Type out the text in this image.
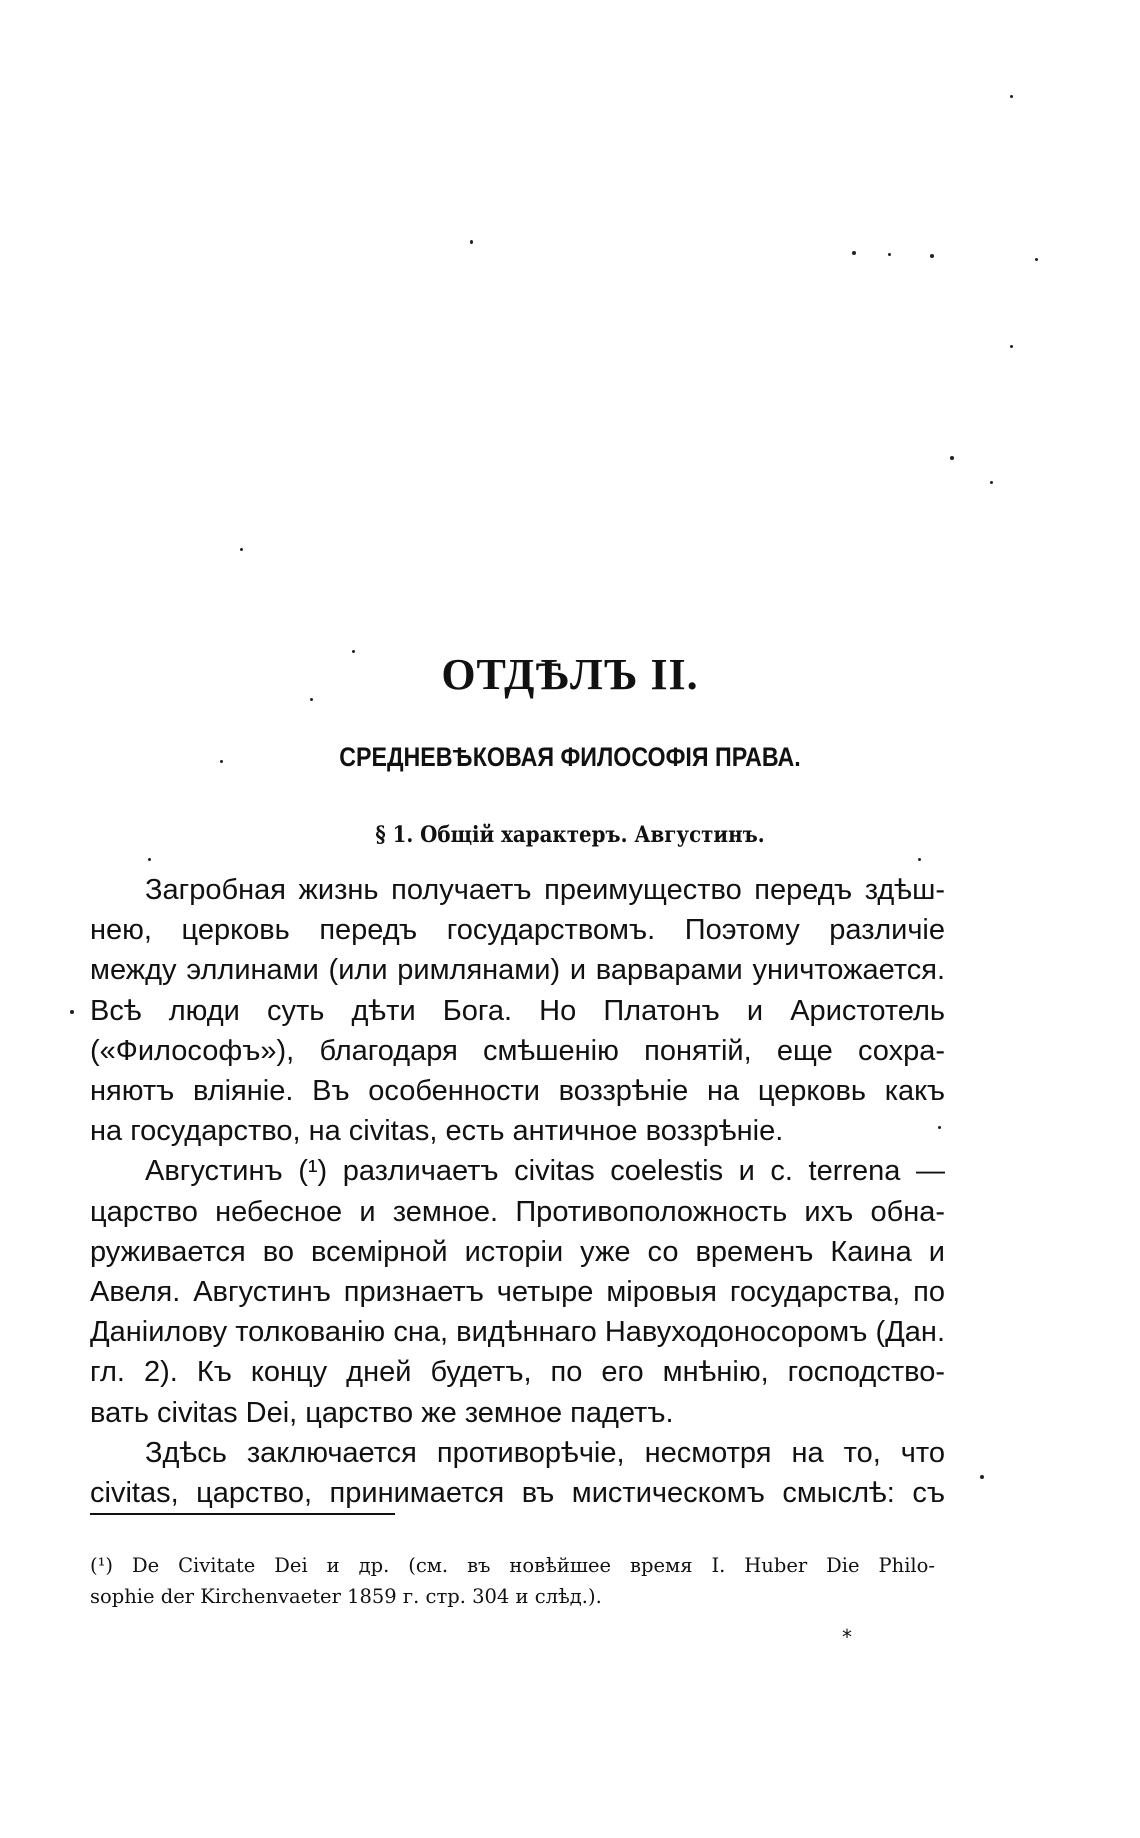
ОТДѢЛЪ II.
СРЕДНЕВѢКОВАЯ ФИЛОСОФІЯ ПРАВА.
§ 1. Общій характеръ. Августинъ.
Загробная жизнь получаетъ преимущество передъ здѣш-
нею, церковь передъ государствомъ. Поэтому различіе
между эллинами (или римлянами) и варварами уничтожается.
Всѣ люди суть дѣти Бога. Но Платонъ и Аристотель
(«Философъ»), благодаря смѣшенію понятій, еще сохра-
няютъ вліяніе. Въ особенности воззрѣніе на церковь какъ
на государство, на civitas, есть античное воззрѣніе.
Августинъ (¹) различаетъ civitas coelestis и с. terrena —
царство небесное и земное. Противоположность ихъ обна-
руживается во всемірной исторіи уже со временъ Каина и
Авеля. Августинъ признаетъ четыре міровыя государства, по
Даніилову толкованію сна, видѣннаго Навуходоносоромъ (Дан.
гл. 2). Къ концу дней будетъ, по его мнѣнію, господство-
вать civitas Dei, царство же земное падетъ.
Здѣсь заключается противорѣчіе, несмотря на то, что
civitas, царство, принимается въ мистическомъ смыслѣ: съ
(¹) De Civitate Dei и др. (см. въ новѣйшее время I. Huber Die Philo-
sophie der Kirchenvaeter 1859 г. стр. 304 и слѣд.).
*
